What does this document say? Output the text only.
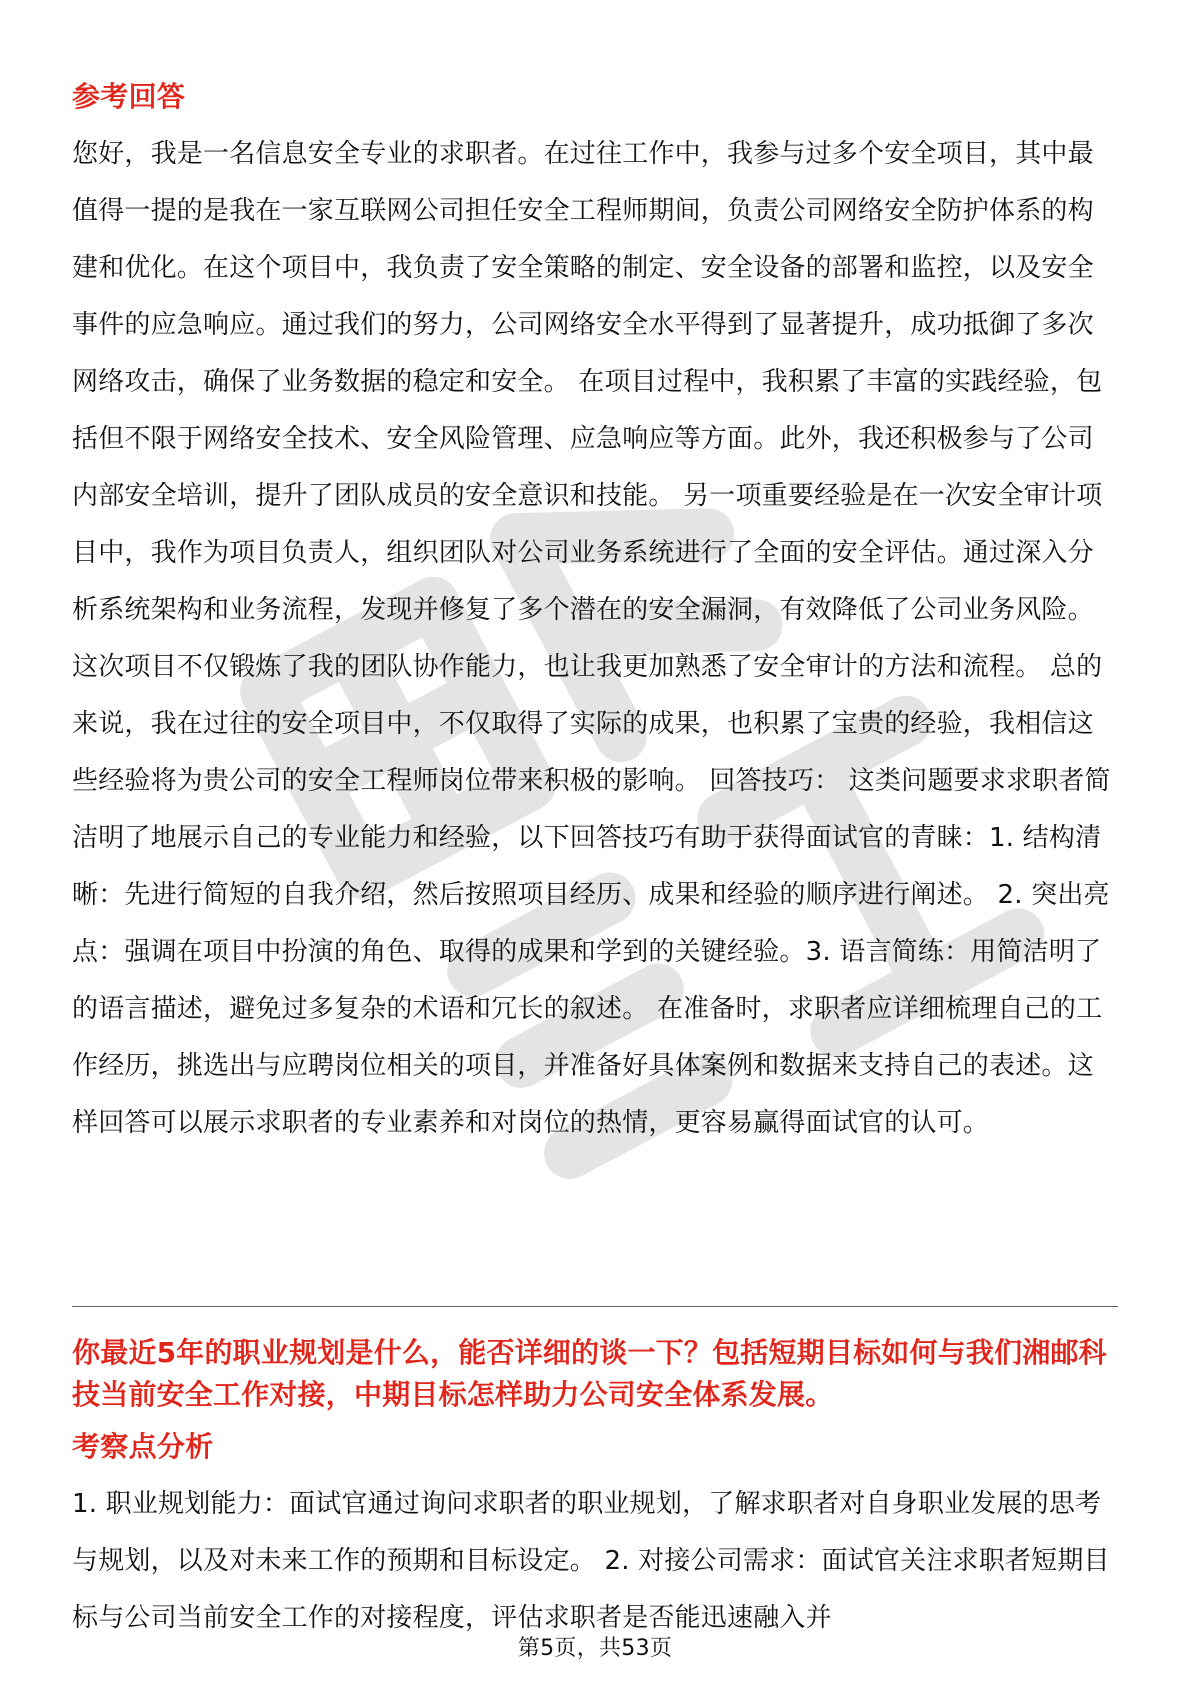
参考回答

您好，我是一名信息安全专业的求职者。在过往工作中，我参与过多个安全项目，其中最值得一提的是我在一家互联网公司担任安全工程师期间，负责公司网络安全防护体系的构建和优化。在这个项目中，我负责了安全策略的制定、安全设备的部署和监控，以及安全事件的应急响应。通过我们的努力，公司网络安全水平得到了显著提升，成功抵御了多次网络攻击，确保了业务数据的稳定和安全。 在项目过程中，我积累了丰富的实践经验，包括但不限于网络安全技术、安全风险管理、应急响应等方面。此外，我还积极参与了公司内部安全培训，提升了团队成员的安全意识和技能。 另一项重要经验是在一次安全审计项目中，我作为项目负责人，组织团队对公司业务系统进行了全面的安全评估。通过深入分析系统架构和业务流程，发现并修复了多个潜在的安全漏洞，有效降低了公司业务风险。这次项目不仅锻炼了我的团队协作能力，也让我更加熟悉了安全审计的方法和流程。 总的来说，我在过往的安全项目中，不仅取得了实际的成果，也积累了宝贵的经验，我相信这些经验将为贵公司的安全工程师岗位带来积极的影响。 回答技巧： 这类问题要求求职者简洁明了地展示自己的专业能力和经验，以下回答技巧有助于获得面试官的青睐：1. 结构清晰：先进行简短的自我介绍，然后按照项目经历、成果和经验的顺序进行阐述。 2. 突出亮点：强调在项目中扮演的角色、取得的成果和学到的关键经验。3. 语言简练：用简洁明了的语言描述，避免过多复杂的术语和冗长的叙述。 在准备时，求职者应详细梳理自己的工作经历，挑选出与应聘岗位相关的项目，并准备好具体案例和数据来支持自己的表述。这样回答可以展示求职者的专业素养和对岗位的热情，更容易赢得面试官的认可。

你最近5年的职业规划是什么，能否详细的谈一下？包括短期目标如何与我们湘邮科技当前安全工作对接，中期目标怎样助力公司安全体系发展。
考察点分析

1. 职业规划能力：面试官通过询问求职者的职业规划，了解求职者对自身职业发展的思考与规划，以及对未来工作的预期和目标设定。 2. 对接公司需求：面试官关注求职者短期目标与公司当前安全工作的对接程度，评估求职者是否能迅速融入并

第5页，共53页
